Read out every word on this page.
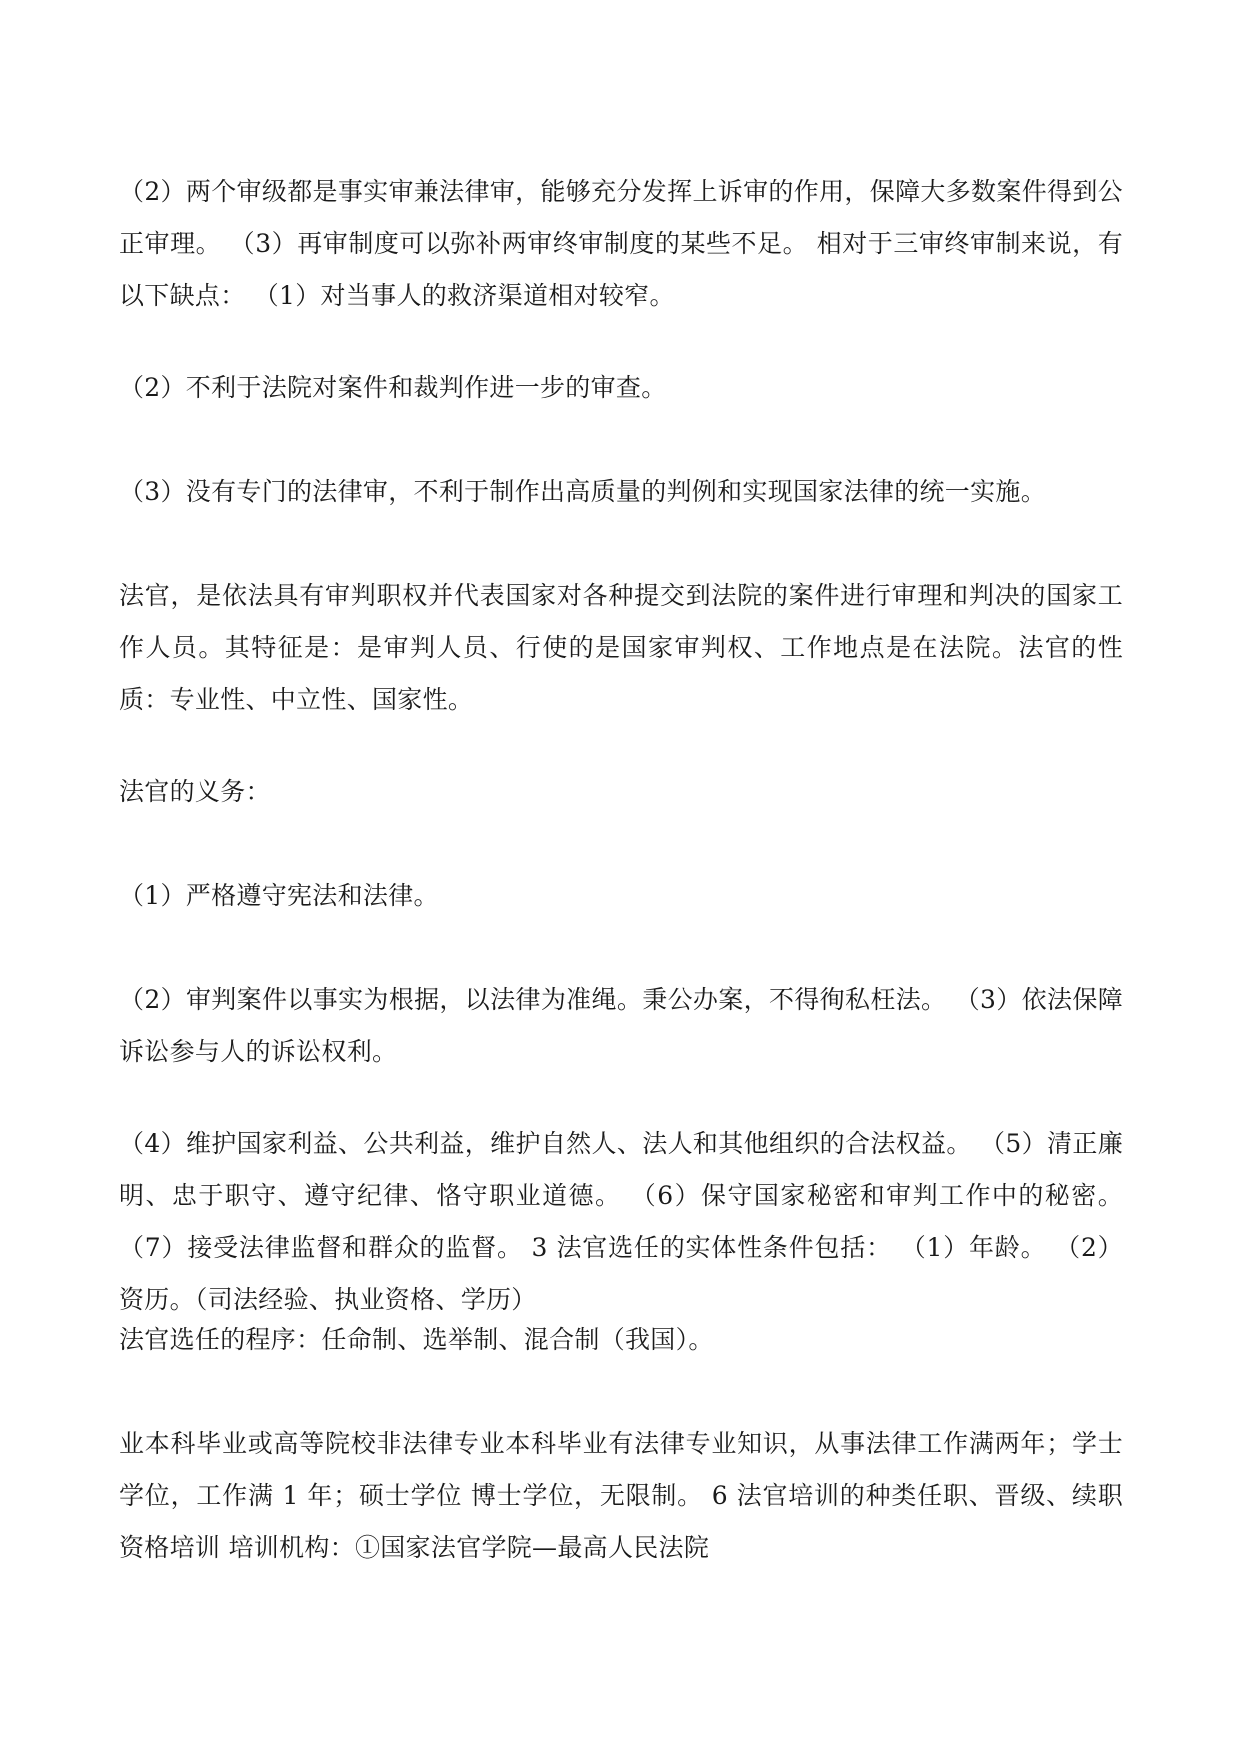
（2）两个审级都是事实审兼法律审，能够充分发挥上诉审的作用，保障大多数案件得到公正审理。 （3）再审制度可以弥补两审终审制度的某些不足。 相对于三审终审制来说，有以下缺点： （1）对当事人的救济渠道相对较窄。

（2）不利于法院对案件和裁判作进一步的审查。

（3）没有专门的法律审，不利于制作出高质量的判例和实现国家法律的统一实施。

法官，是依法具有审判职权并代表国家对各种提交到法院的案件进行审理和判决的国家工作人员。其特征是：是审判人员、行使的是国家审判权、工作地点是在法院。法官的性质：专业性、中立性、国家性。

法官的义务：

（1）严格遵守宪法和法律。

（2）审判案件以事实为根据，以法律为准绳。秉公办案，不得徇私枉法。 （3）依法保障诉讼参与人的诉讼权利。

（4）维护国家利益、公共利益，维护自然人、法人和其他组织的合法权益。 （5）清正廉明、忠于职守、遵守纪律、恪守职业道德。 （6）保守国家秘密和审判工作中的秘密。 （7）接受法律监督和群众的监督。 3 法官选任的实体性条件包括： （1）年龄。 （2）资历。（司法经验、执业资格、学历）

法官选任的程序：任命制、选举制、混合制（我国）。

业本科毕业或高等院校非法律专业本科毕业有法律专业知识，从事法律工作满两年；学士学位，工作满 1 年；硕士学位 博士学位，无限制。 6 法官培训的种类任职、晋级、续职资格培训 培训机构：①国家法官学院—最高人民法院
